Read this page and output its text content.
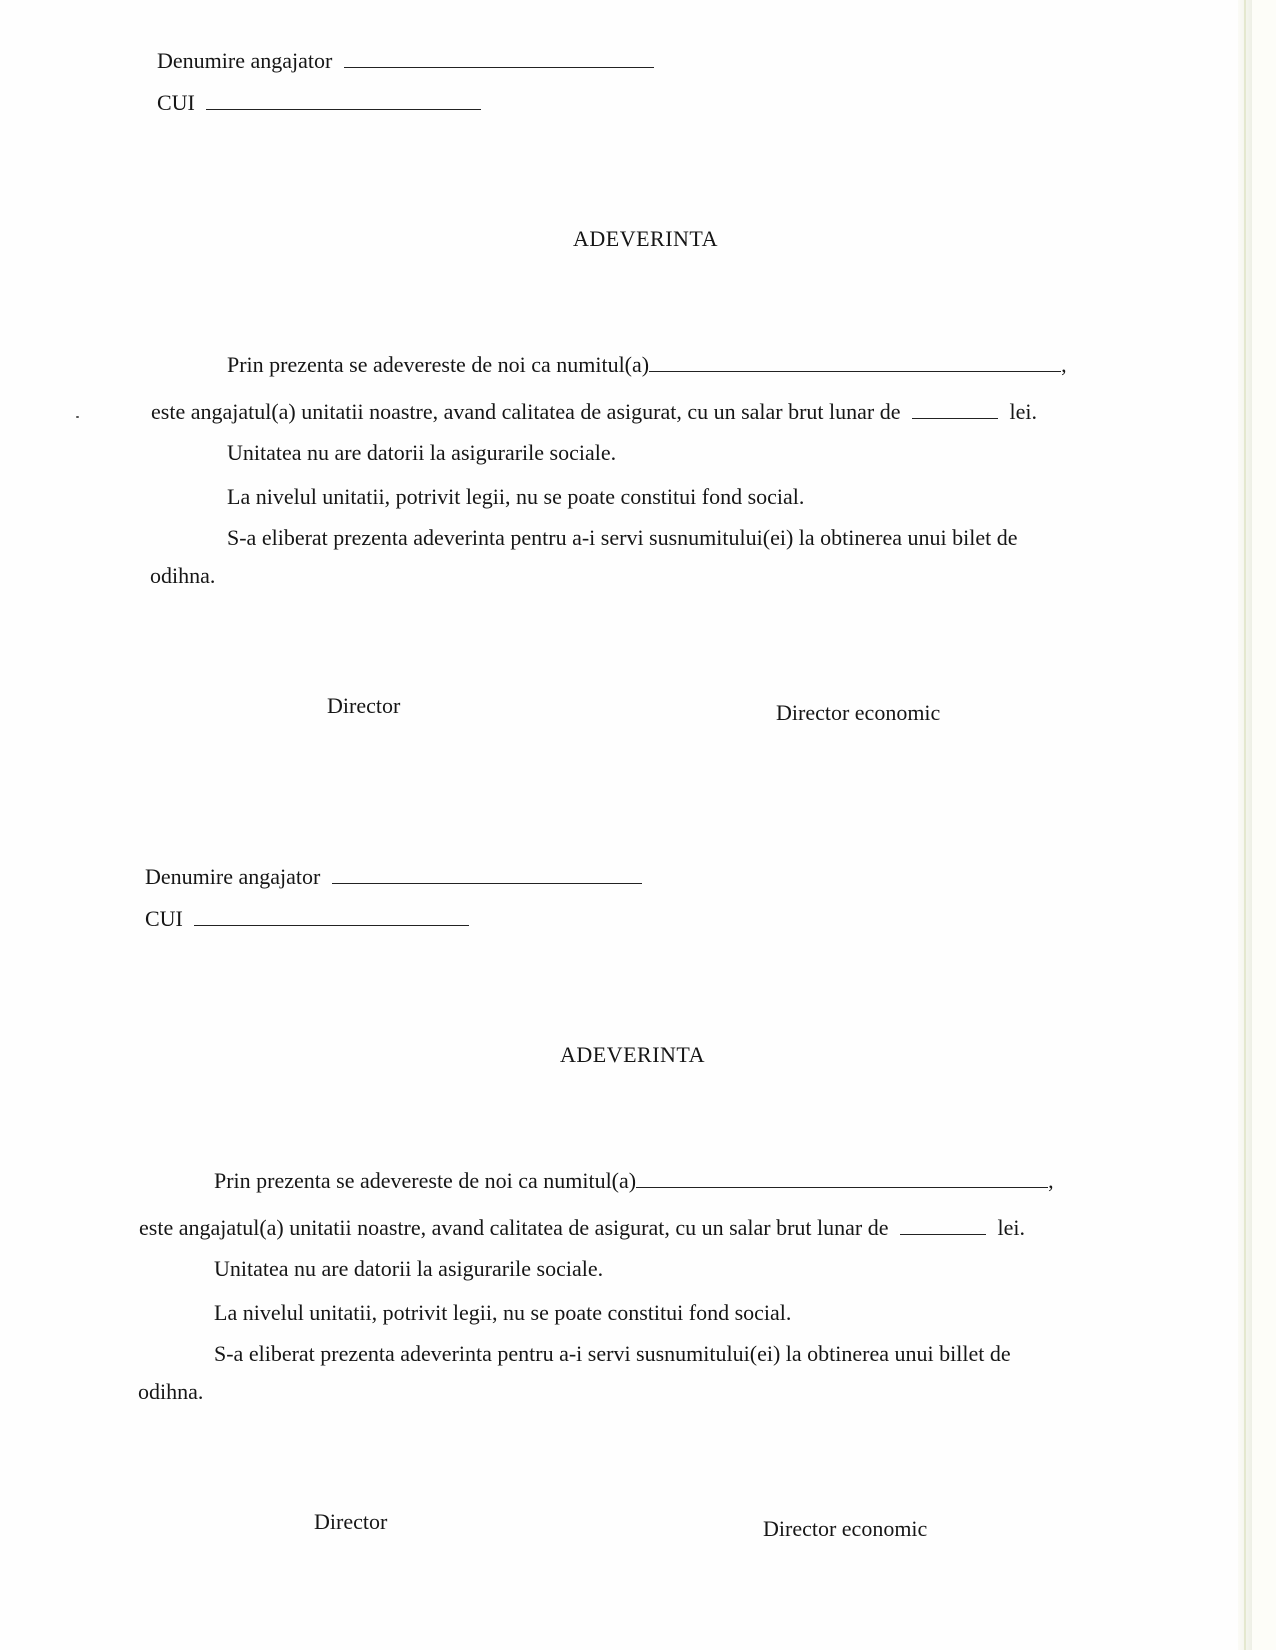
Denumire angajator
CUI
ADEVERINTA
Prin prezenta se adevereste de noi ca numitul(a)	,
este angajatul(a) unitatii noastre, avand calitatea de asigurat, cu un salar brut lunar de	lei.
Unitatea nu are datorii la asigurarile sociale.
La nivelul unitatii, potrivit legii, nu se poate constitui fond social.
S-a eliberat prezenta adeverinta pentru a-i servi susnumitului(ei) la obtinerea unui bilet de
odihna.
Director	Director economic
Denumire angajator
CUI
ADEVERINTA
Prin prezenta se adevereste de noi ca numitul(a)	,
este angajatul(a) unitatii noastre, avand calitatea de asigurat, cu un salar brut lunar de	lei.
Unitatea nu are datorii la asigurarile sociale.
La nivelul unitatii, potrivit legii, nu se poate constitui fond social.
S-a eliberat prezenta adeverinta pentru a-i servi susnumitului(ei) la obtinerea unui billet de
odihna.
Director	Director economic
